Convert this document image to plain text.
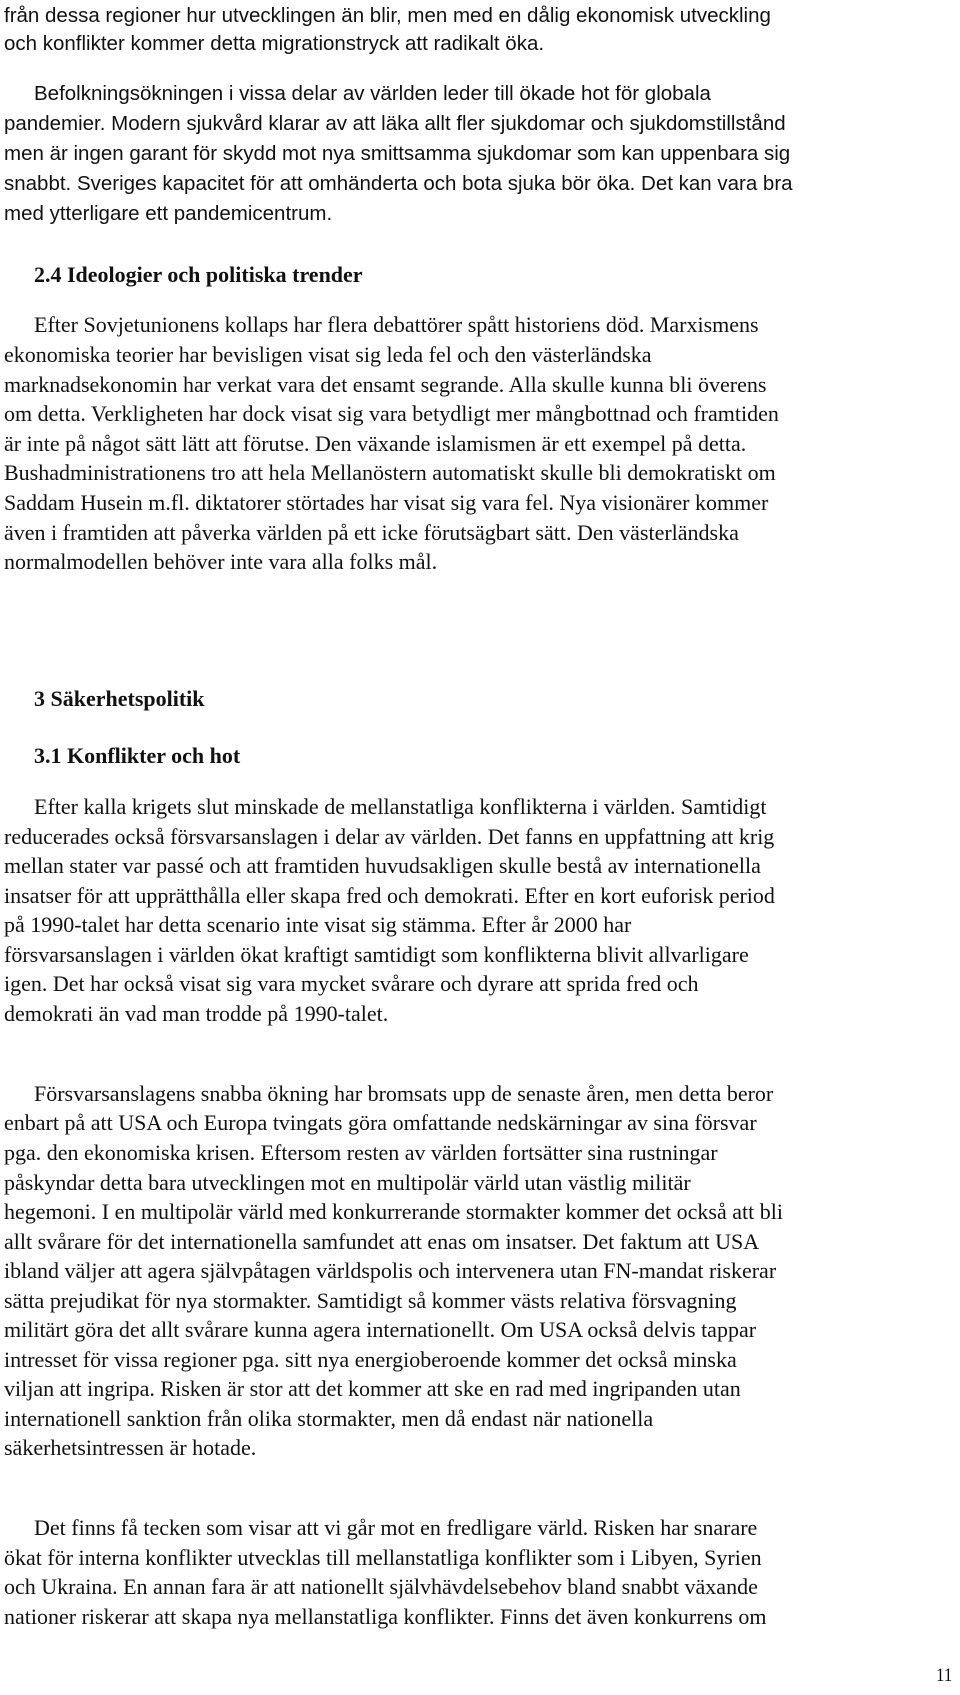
från dessa regioner hur utvecklingen än blir, men med en dålig ekonomisk utveckling
och konflikter kommer detta migrationstryck att radikalt öka.
Befolkningsökningen i vissa delar av världen leder till ökade hot för globala
pandemier. Modern sjukvård klarar av att läka allt fler sjukdomar och sjukdomstillstånd
men är ingen garant för skydd mot nya smittsamma sjukdomar som kan uppenbara sig
snabbt. Sveriges kapacitet för att omhänderta och bota sjuka bör öka. Det kan vara bra
med ytterligare ett pandemicentrum.
2.4 Ideologier och politiska trender
Efter Sovjetunionens kollaps har flera debattörer spått historiens död. Marxismens
ekonomiska teorier har bevisligen visat sig leda fel och den västerländska
marknadsekonomin har verkat vara det ensamt segrande. Alla skulle kunna bli överens
om detta. Verkligheten har dock visat sig vara betydligt mer mångbottnad och framtiden
är inte på något sätt lätt att förutse. Den växande islamismen är ett exempel på detta.
Bushadministrationens tro att hela Mellanöstern automatiskt skulle bli demokratiskt om
Saddam Husein m.fl. diktatorer störtades har visat sig vara fel. Nya visionärer kommer
även i framtiden att påverka världen på ett icke förutsägbart sätt. Den västerländska
normalmodellen behöver inte vara alla folks mål.
3 Säkerhetspolitik
3.1 Konflikter och hot
Efter kalla krigets slut minskade de mellanstatliga konflikterna i världen. Samtidigt
reducerades också försvarsanslagen i delar av världen. Det fanns en uppfattning att krig
mellan stater var passé och att framtiden huvudsakligen skulle bestå av internationella
insatser för att upprätthålla eller skapa fred och demokrati. Efter en kort euforisk period
på 1990-talet har detta scenario inte visat sig stämma. Efter år 2000 har
försvarsanslagen i världen ökat kraftigt samtidigt som konflikterna blivit allvarligare
igen. Det har också visat sig vara mycket svårare och dyrare att sprida fred och
demokrati än vad man trodde på 1990-talet.
Försvarsanslagens snabba ökning har bromsats upp de senaste åren, men detta beror
enbart på att USA och Europa tvingats göra omfattande nedskärningar av sina försvar
pga. den ekonomiska krisen. Eftersom resten av världen fortsätter sina rustningar
påskyndar detta bara utvecklingen mot en multipolär värld utan västlig militär
hegemoni. I en multipolär värld med konkurrerande stormakter kommer det också att bli
allt svårare för det internationella samfundet att enas om insatser. Det faktum att USA
ibland väljer att agera självpåtagen världspolis och intervenera utan FN-mandat riskerar
sätta prejudikat för nya stormakter. Samtidigt så kommer västs relativa försvagning
militärt göra det allt svårare kunna agera internationellt. Om USA också delvis tappar
intresset för vissa regioner pga. sitt nya energioberoende kommer det också minska
viljan att ingripa. Risken är stor att det kommer att ske en rad med ingripanden utan
internationell sanktion från olika stormakter, men då endast när nationella
säkerhetsintressen är hotade.
Det finns få tecken som visar att vi går mot en fredligare värld. Risken har snarare
ökat för interna konflikter utvecklas till mellanstatliga konflikter som i Libyen, Syrien
och Ukraina. En annan fara är att nationellt självhävdelsebehov bland snabbt växande
nationer riskerar att skapa nya mellanstatliga konflikter. Finns det även konkurrens om
11
